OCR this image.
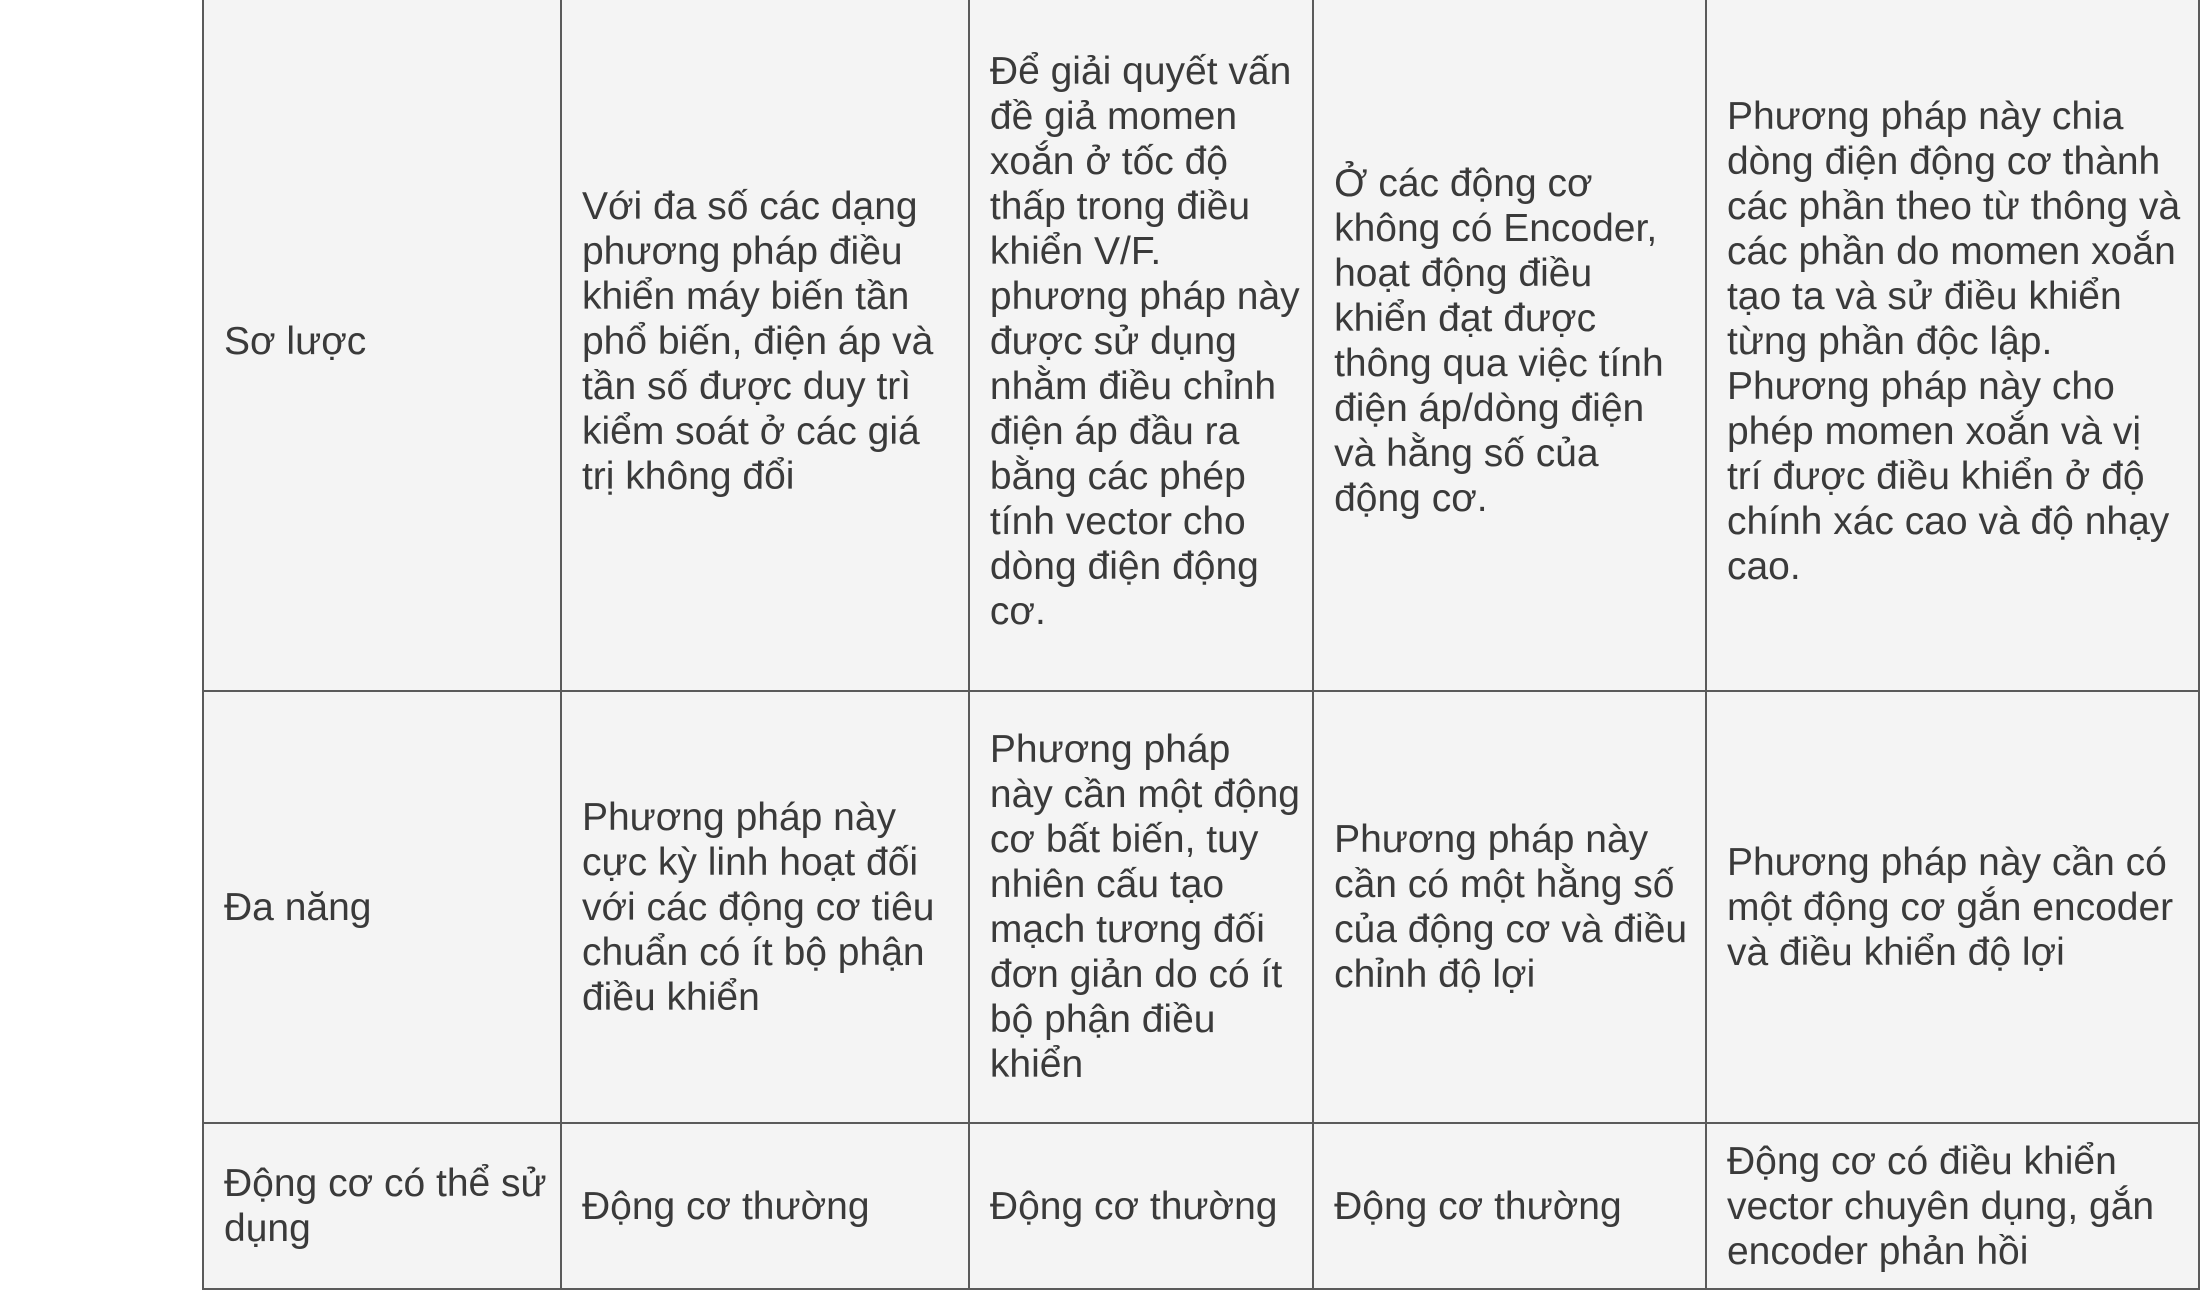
Sơ lược	Với đa số các dạng phương pháp điều khiển máy biến tần phổ biến, điện áp và tần số được duy trì kiểm soát ở các giá trị không đổi	Để giải quyết vấn đề giả momen xoắn ở tốc độ thấp trong điều khiển V/F. phương pháp này được sử dụng nhằm điều chỉnh điện áp đầu ra bằng các phép tính vector cho dòng điện động cơ.	Ở các động cơ không có Encoder, hoạt động điều khiển đạt được thông qua việc tính điện áp/dòng điện và hằng số của động cơ.	Phương pháp này chia dòng điện động cơ thành các phần theo từ thông và các phần do momen xoắn tạo ta và sử điều khiển từng phần độc lập. Phương pháp này cho phép momen xoắn và vị trí được điều khiển ở độ chính xác cao và độ nhạy cao.
Đa năng	Phương pháp này cực kỳ linh hoạt đối với các động cơ tiêu chuẩn có ít bộ phận điều khiển	Phương pháp này cần một động cơ bất biến, tuy nhiên cấu tạo mạch tương đối đơn giản do có ít bộ phận điều khiển	Phương pháp này cần có một hằng số của động cơ và điều chỉnh độ lợi	Phương pháp này cần có một động cơ gắn encoder và điều khiển độ lợi
Động cơ có thể sử dụng	Động cơ thường	Động cơ thường	Động cơ thường	Động cơ có điều khiển vector chuyên dụng, gắn encoder phản hồi
